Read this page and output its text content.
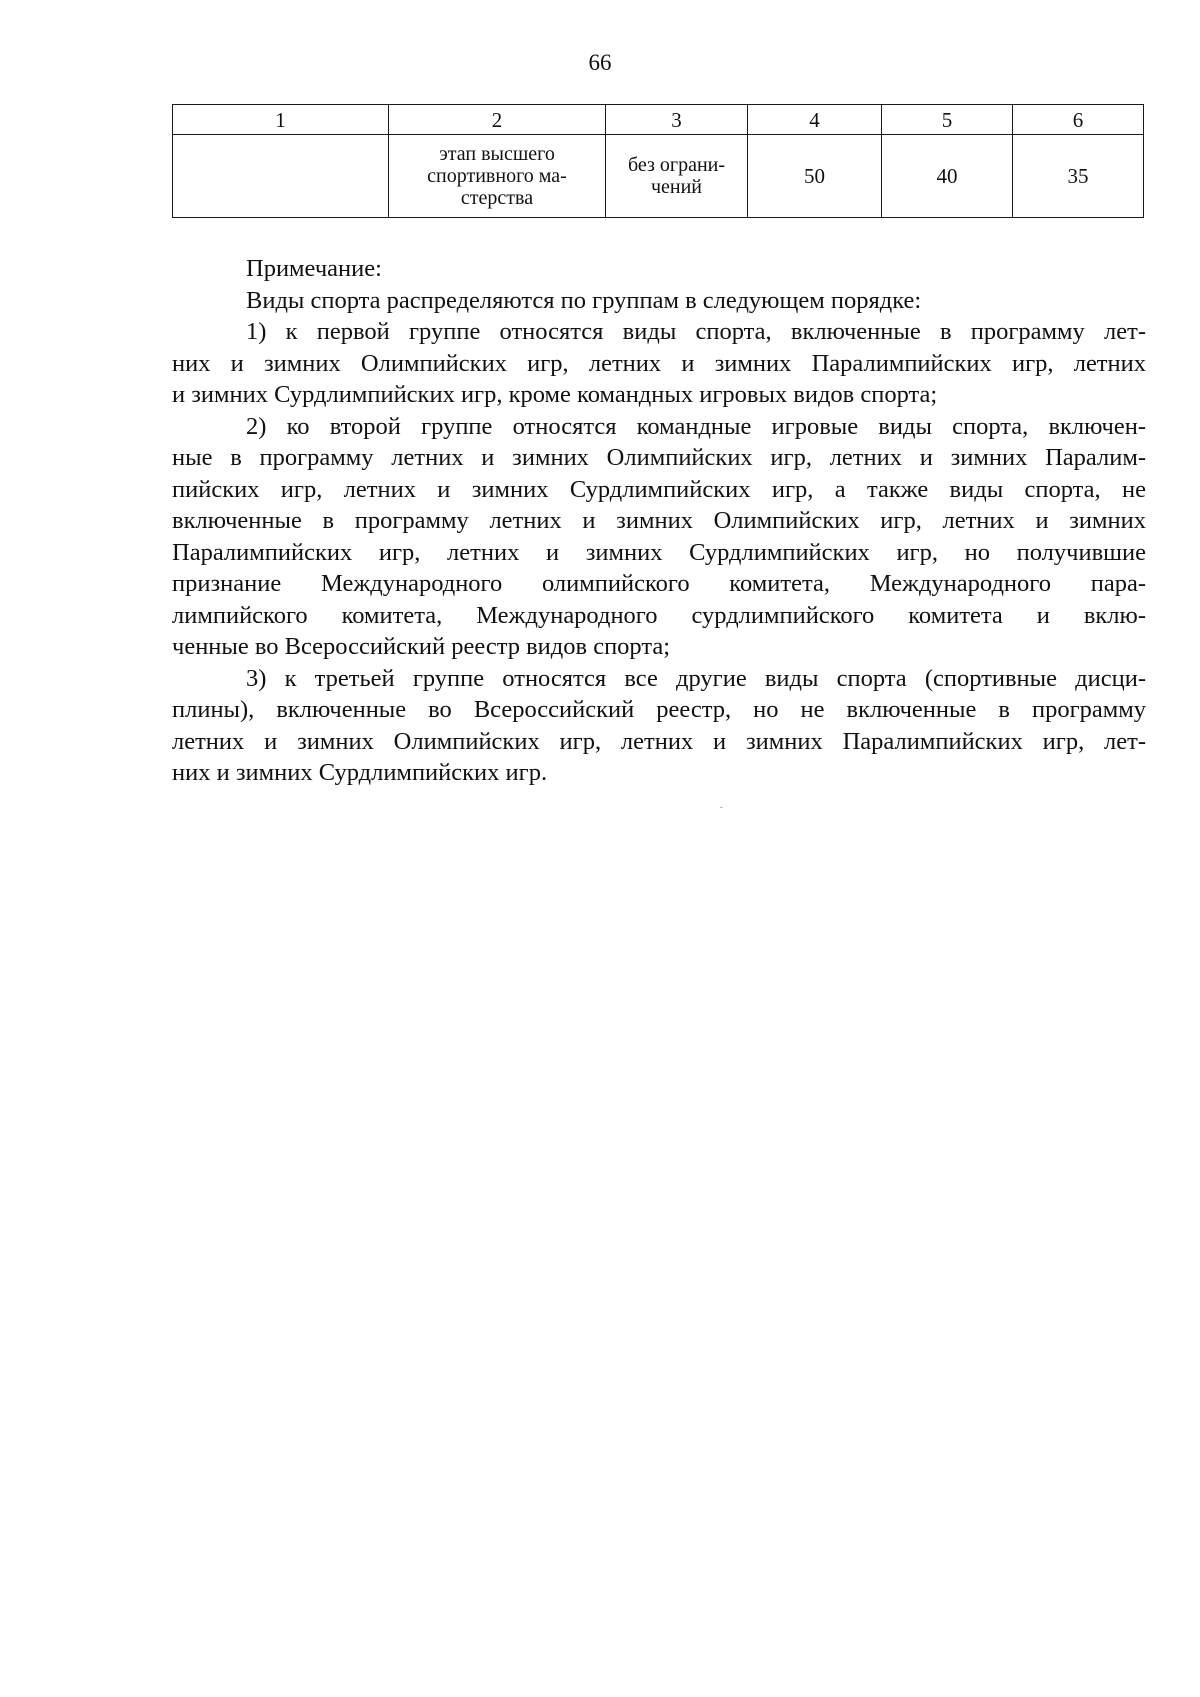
66
1	2	3	4	5	6

	этап высшего
спортивного ма-
стерства	без ограни-
чений	50	40	35

Примечание:

Виды спорта распределяются по группам в следующем порядке:

1) к первой группе относятся виды спорта, включенные в программу лет-
них и зимних Олимпийских игр, летних и зимних Паралимпийских игр, летних
и зимних Сурдлимпийских игр, кроме командных игровых видов спорта;
2) ко второй группе относятся командные игровые виды спорта, включен-
ные в программу летних и зимних Олимпийских игр, летних и зимних Паралим-
пийских игр, летних и зимних Сурдлимпийских игр, а также виды спорта, не
включенные в программу летних и зимних Олимпийских игр, летних и зимних
Паралимпийских игр, летних и зимних Сурдлимпийских игр, но получившие
признание Международного олимпийского комитета, Международного пара-
лимпийского комитета, Международного сурдлимпийского комитета и вклю-
ченные во Всероссийский реестр видов спорта;
3) к третьей группе относятся все другие виды спорта (спортивные дисци-
плины), включенные во Всероссийский реестр, но не включенные в программу
летних и зимних Олимпийских игр, летних и зимних Паралимпийских игр, лет-
них и зимних Сурдлимпийских игр.
